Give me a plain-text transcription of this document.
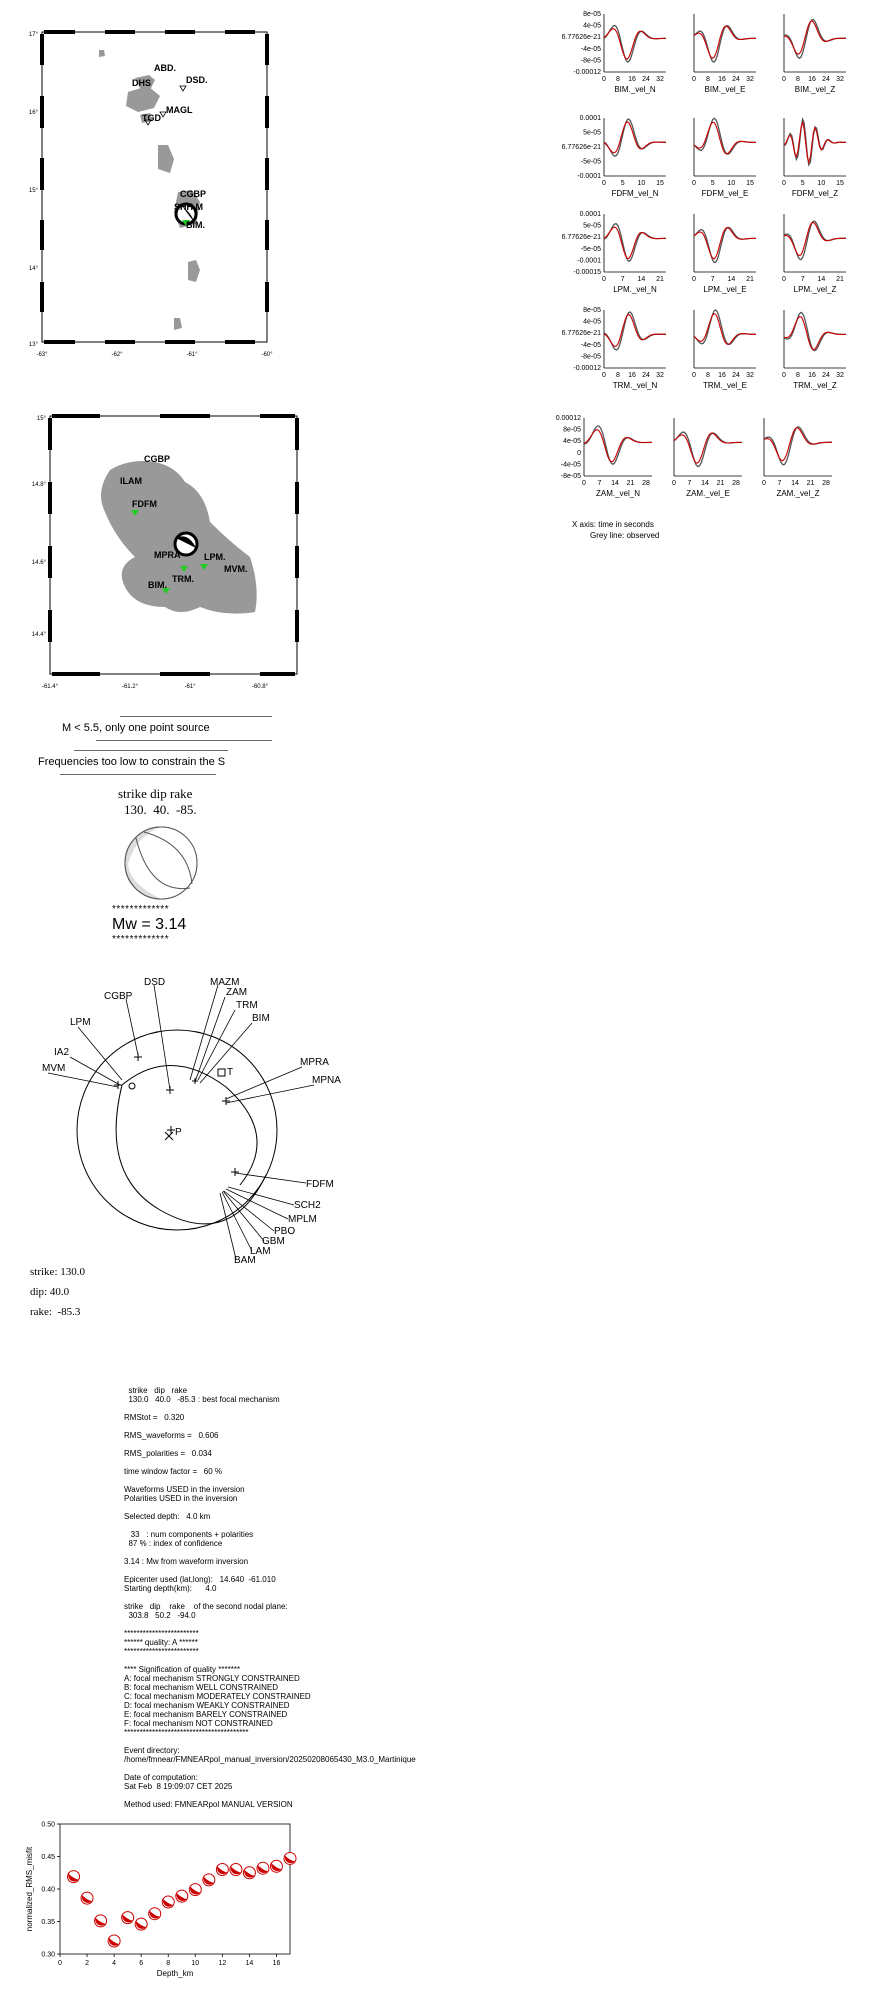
17°
16°
15°
14°
13°
-63°	-62°	-61°	-60°
ABD.
DSD.
DHS
MAGL
TGD
CGBP
BIM.
SHH.M
15°
14.8°
14.6°
14.4°
-61.4°	-61.2°	-61°	-60.8°
CGBP
FDFM
MPRA	LPM.
MVM.
TRM.
BIM.
ILAM
M < 5.5, only one point source
Frequencies too low to constrain the S
strike dip rake
130.  40.  -85.
*************
Mw = 3.14
*************
DSD	MAZM
ZAM
TRM
BIM
CGBP
LPM
IA2
MVM
MPRA
MPNA
FDFM
SCH2
MPLM
PBO
GBM
LAM
BAM
T
P
strike: 130.0
dip: 40.0
rake:  -85.3
strike   dip   rake
130.0   40.0   -85.3 : best focal mechanism

RMStot =   0.320

RMS_waveforms =   0.606

RMS_polarities =   0.034

time window factor =   60 %

Waveforms USED in the inversion
Polarities USED in the inversion

Selected depth:   4.0 km

33   : num components + polarities
87 % : index of confidence

3.14 : Mw from waveform inversion

Epicenter used (lat,long):   14.640  -61.010
Starting depth(km):      4.0

strike   dip    rake    of the second nodal plane:
303.8   50.2   -94.0

************************
****** quality: A ******
************************

**** Signification of quality *******
A: focal mechanism STRONGLY CONSTRAINED
B: focal mechanism WELL CONSTRAINED
C: focal mechanism MODERATELY CONSTRAINED
D: focal mechanism WEAKLY CONSTRAINED
E: focal mechanism BARELY CONSTRAINED
F: focal mechanism NOT CONSTRAINED
****************************************

Event directory:
/home/fmnear/FMNEARpol_manual_inversion/20250208065430_M3.0_Martinique

Date of computation:
Sat Feb  8 19:09:07 CET 2025

Method used: FMNEARpol MANUAL VERSION
8e-05
4e-05
6.77626e-21
-4e-05
-8e-05
-0.00012
0 8 16 24 32
BIM._vel_N
0 8 16 24 32
BIM._vel_E
0 8 16 24 32
BIM._vel_Z
0.0001
5e-05
6.77626e-21
-5e-05
-0.0001
0 5 10 15
FDFM_vel_N
0 5 10 15
FDFM_vel_E
0 5 10 15
FDFM_vel_Z
0.0001
5e-05
6.77626e-21
-5e-05
-0.0001
-0.00015
0 7 14 21
LPM._vel_N
0 7 14 21
LPM._vel_E
0 7 14 21
LPM._vel_Z
8e-05
4e-05
6.77626e-21
-4e-05
-8e-05
-0.00012
0 8 16 24 32
TRM._vel_N
0 8 16 24 32
TRM._vel_E
0 8 16 24 32
TRM._vel_Z
0.00012
8e-05
4e-05
0
-4e-05
-8e-05
0 7 14 21 28
ZAM._vel_N
0 7 14 21 28
ZAM._vel_E
0 7 14 21 28
ZAM._vel_Z
X axis: time in seconds
Grey line: observed
0.50
0.45
0.40
0.35
0.30
0	2	4	6	8	10	12	14	16
Depth_km
normalized_RMS_misfit
